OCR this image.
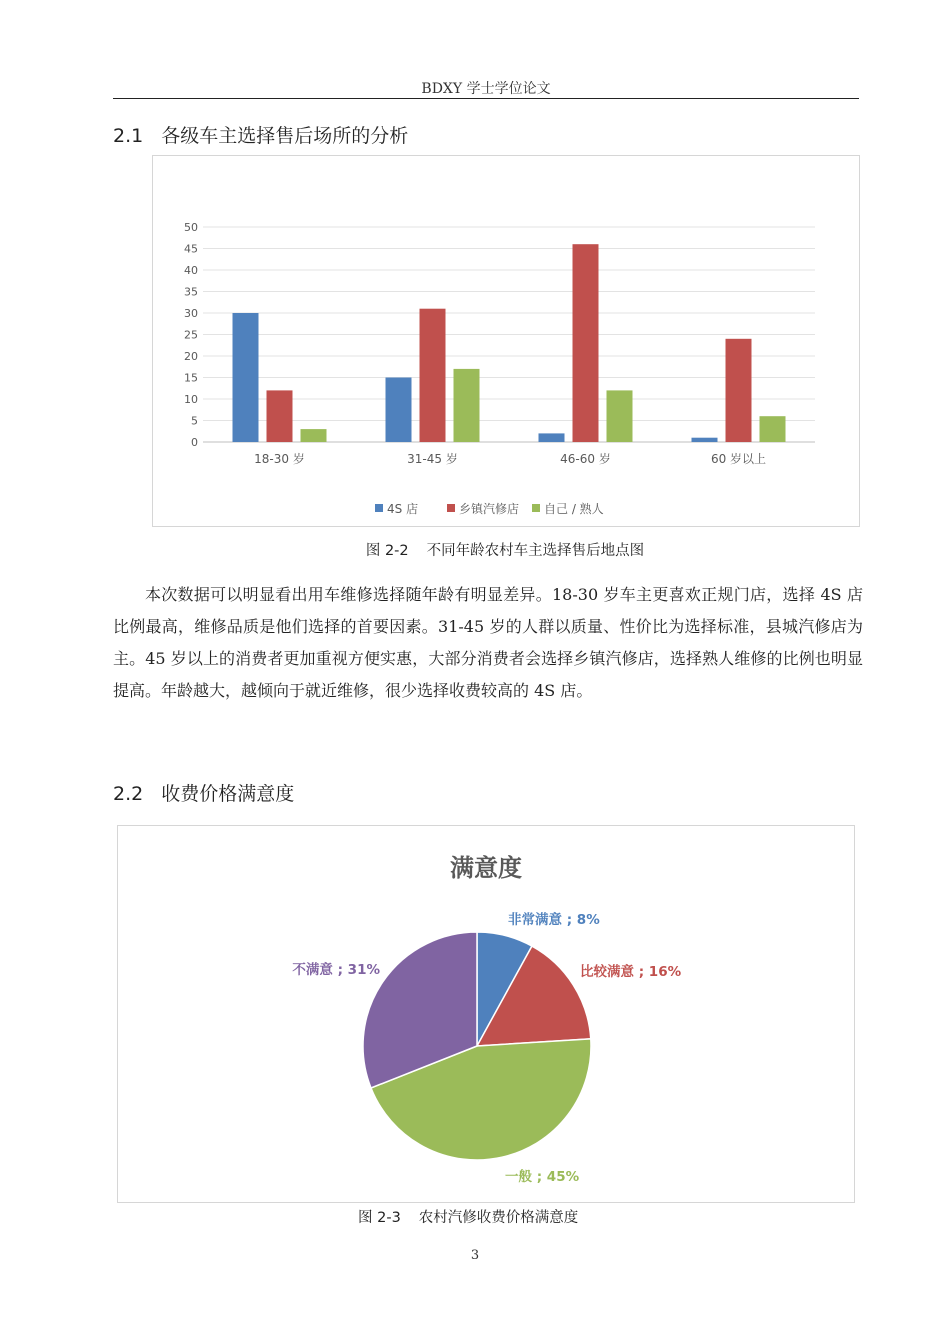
BDXY 学士学位论文
2.1 各级车主选择售后场所的分析
0
5
10
15
20
25
30
35
40
45
50
18-30 岁	31-45 岁	46-60 岁	60 岁以上
4S 店	乡镇汽修店 自己 / 熟人
图 2-2 不同年龄农村车主选择售后地点图
本次数据可以明显看出用车维修选择随年龄有明显差异。18-30 岁车主更喜欢正规门店，选择 4S 店比例最高，维修品质是他们选择的首要因素。31-45 岁的人群以质量、性价比为选择标准，县城汽修店为主。45 岁以上的消费者更加重视方便实惠，大部分消费者会选择乡镇汽修店，选择熟人维修的比例也明显提高。年龄越大，越倾向于就近维修，很少选择收费较高的 4S 店。
2.2 收费价格满意度
满意度
非常满意 ; 8%
比较满意 ; 16%
一般 ; 45%
不满意 ; 31%
图 2-3 农村汽修收费价格满意度
3
